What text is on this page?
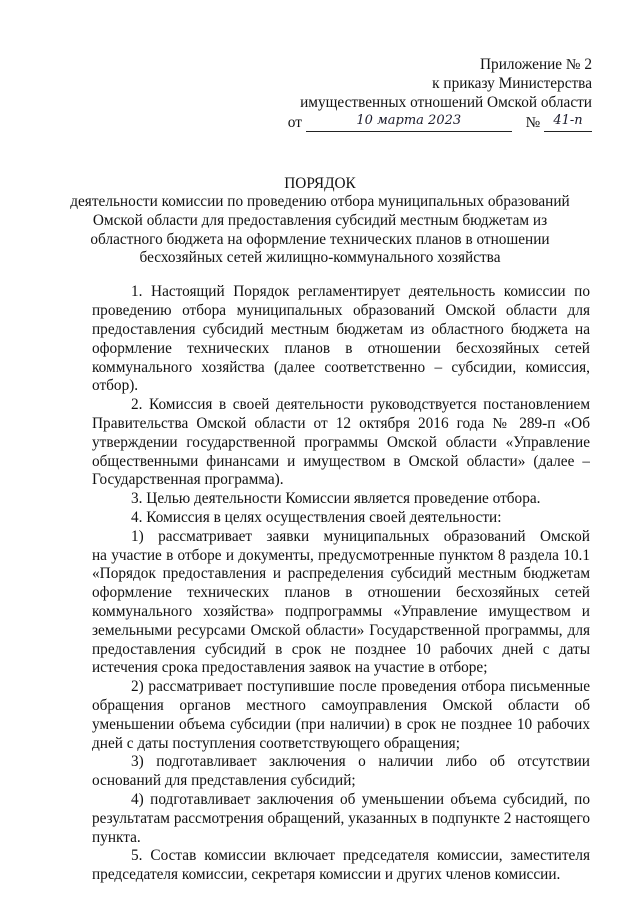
Приложение № 2
к приказу Министерства
имущественных отношений Омской области
от	10 марта 2023	№	41-п
ПОРЯДОК
деятельности комиссии по проведению отбора муниципальных образований
Омской области для предоставления субсидий местным бюджетам из
областного бюджета на оформление технических планов в отношении
бесхозяйных сетей жилищно-коммунального хозяйства
1. Настоящий Порядок регламентирует деятельность комиссии по
проведению отбора муниципальных образований Омской области для
предоставления субсидий местным бюджетам из областного бюджета на
оформление технических планов в отношении бесхозяйных сетей
коммунального хозяйства (далее соответственно – субсидии, комиссия,
отбор).
2. Комиссия в своей деятельности руководствуется постановлением
Правительства Омской области от 12 октября 2016 года № 289-п «Об
утверждении государственной программы Омской области «Управление
общественными финансами и имуществом в Омской области» (далее –
Государственная программа).
3. Целью деятельности Комиссии является проведение отбора.
4. Комиссия в целях осуществления своей деятельности:
1) рассматривает заявки муниципальных образований Омской
на участие в отборе и документы, предусмотренные пунктом 8 раздела 10.1
«Порядок предоставления и распределения субсидий местным бюджетам
оформление технических планов в отношении бесхозяйных сетей
коммунального хозяйства» подпрограммы «Управление имуществом и
земельными ресурсами Омской области» Государственной программы, для
предоставления субсидий в срок не позднее 10 рабочих дней с даты
истечения срока предоставления заявок на участие в отборе;
2) рассматривает поступившие после проведения отбора письменные
обращения органов местного самоуправления Омской области об
уменьшении объема субсидии (при наличии) в срок не позднее 10 рабочих
дней с даты поступления соответствующего обращения;
3) подготавливает заключения о наличии либо об отсутствии
оснований для представления субсидий;
4) подготавливает заключения об уменьшении объема субсидий, по
результатам рассмотрения обращений, указанных в подпункте 2 настоящего
пункта.
5. Состав комиссии включает председателя комиссии, заместителя
председателя комиссии, секретаря комиссии и других членов комиссии.
